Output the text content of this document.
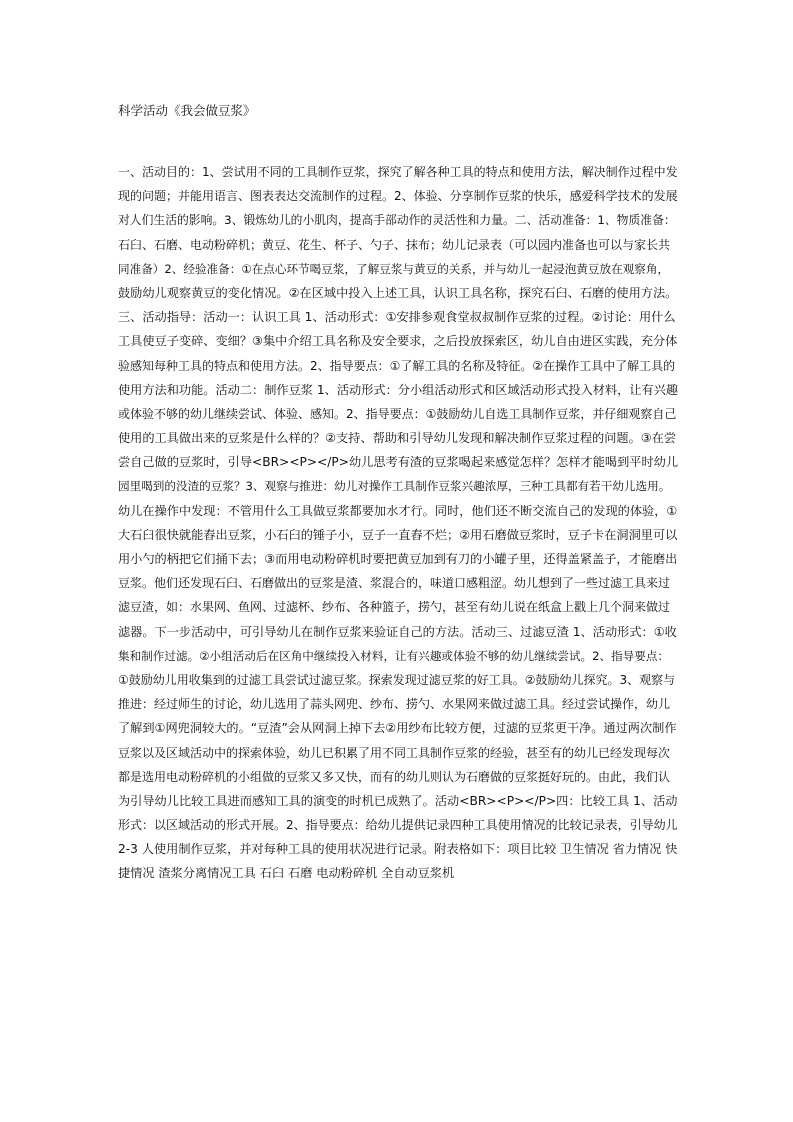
科学活动《我会做豆浆》
一、活动目的：1、尝试用不同的工具制作豆浆，探究了解各种工具的特点和使用方法，解决制作过程中发
现的问题；并能用语言、图表表达交流制作的过程。2、体验、分享制作豆浆的快乐，感爱科学技术的发展
对人们生活的影响。3、锻炼幼儿的小肌肉，提高手部动作的灵活性和力量。二、活动准备：1、物质准备：
石臼、石磨、电动粉碎机；黄豆、花生、杯子、勺子、抹布；幼儿记录表（可以园内准备也可以与家长共
同准备）2、经验准备：①在点心环节喝豆浆，了解豆浆与黄豆的关系，并与幼儿一起浸泡黄豆放在观察角，
鼓励幼儿观察黄豆的变化情况。②在区域中投入上述工具，认识工具名称，探究石臼、石磨的使用方法。
三、活动指导：活动一：认识工具 1、活动形式：①安排参观食堂叔叔制作豆浆的过程。②讨论：用什么
工具使豆子变碎、变细？③集中介绍工具名称及安全要求，之后投放探索区，幼儿自由进区实践，充分体
验感知每种工具的特点和使用方法。2、指导要点：①了解工具的名称及特征。②在操作工具中了解工具的
使用方法和功能。活动二：制作豆浆 1、活动形式：分小组活动形式和区域活动形式投入材料，让有兴趣
或体验不够的幼儿继续尝试、体验、感知。2、指导要点：①鼓励幼儿自选工具制作豆浆，并仔细观察自己
使用的工具做出来的豆浆是什么样的？②支持、帮助和引导幼儿发现和解决制作豆浆过程的问题。③在尝
尝自己做的豆浆时，引导<BR><P></P>幼儿思考有渣的豆浆喝起来感觉怎样？怎样才能喝到平时幼儿
园里喝到的没渣的豆浆？3、观察与推进：幼儿对操作工具制作豆浆兴趣浓厚，三种工具都有若干幼儿选用。
幼儿在操作中发现：不管用什么工具做豆浆都要加水才行。同时，他们还不断交流自己的发现的体验，①
大石臼很快就能舂出豆浆，小石臼的锤子小，豆子一直舂不烂；②用石磨做豆浆时，豆子卡在洞洞里可以
用小勺的柄把它们捅下去；③而用电动粉碎机时要把黄豆加到有刀的小罐子里，还得盖紧盖子，才能磨出
豆浆。他们还发现石臼、石磨做出的豆浆是渣、浆混合的，味道口感粗涩。幼儿想到了一些过滤工具来过
滤豆渣，如：水果网、鱼网、过滤杯、纱布、各种篮子，捞勺，甚至有幼儿说在纸盒上戳上几个洞来做过
滤器。下一步活动中，可引导幼儿在制作豆浆来验证自己的方法。活动三、过滤豆渣 1、活动形式：①收
集和制作过滤。②小组活动后在区角中继续投入材料，让有兴趣或体验不够的幼儿继续尝试。2、指导要点：
①鼓励幼儿用收集到的过滤工具尝试过滤豆浆。探索发现过滤豆浆的好工具。②鼓励幼儿探究。3、观察与
推进：经过师生的讨论，幼儿选用了蒜头网兜、纱布、捞勺、水果网来做过滤工具。经过尝试操作，幼儿
了解到①网兜洞较大的。“豆渣”会从网洞上掉下去②用纱布比较方便，过滤的豆浆更干净。通过两次制作
豆浆以及区域活动中的探索体验，幼儿已积累了用不同工具制作豆浆的经验，甚至有的幼儿已经发现每次
都是选用电动粉碎机的小组做的豆浆又多又快，而有的幼儿则认为石磨做的豆浆挺好玩的。由此，我们认
为引导幼儿比较工具进而感知工具的演变的时机已成熟了。活动<BR><P></P>四：比较工具 1、活动
形式：以区域活动的形式开展。2、指导要点：给幼儿提供记录四种工具使用情况的比较记录表，引导幼儿
2-3 人使用制作豆浆，并对每种工具的使用状况进行记录。附表格如下：项目比较 卫生情况 省力情况 快
捷情况 渣浆分离情况工具 石臼 石磨 电动粉碎机 全自动豆浆机
